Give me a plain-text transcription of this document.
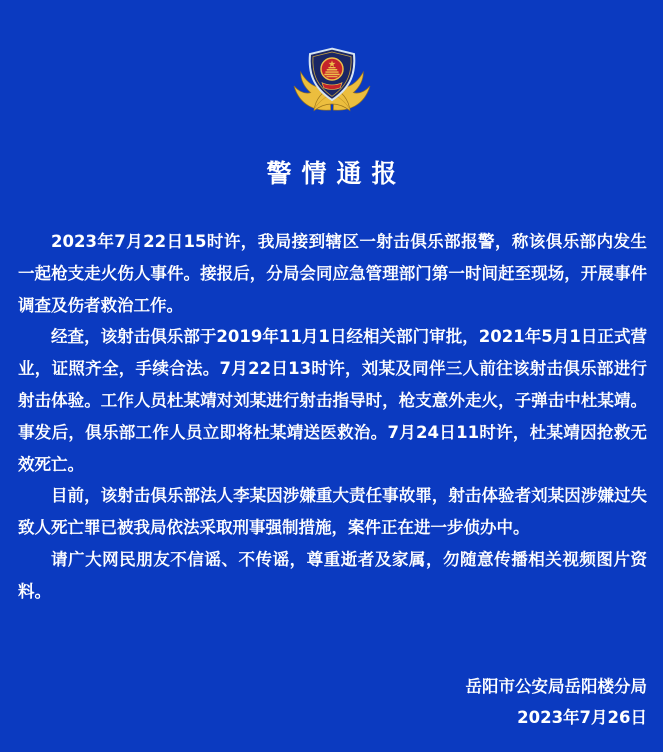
警情通报

2023年7月22日15时许，我局接到辖区一射击俱乐部报警，称该俱乐部内发生一起枪支走火伤人事件。接报后，分局会同应急管理部门第一时间赶至现场，开展事件调查及伤者救治工作。

经查，该射击俱乐部于2019年11月1日经相关部门审批，2021年5月1日正式营业，证照齐全，手续合法。7月22日13时许，刘某及同伴三人前往该射击俱乐部进行射击体验。工作人员杜某靖对刘某进行射击指导时，枪支意外走火，子弹击中杜某靖。事发后，俱乐部工作人员立即将杜某靖送医救治。7月24日11时许，杜某靖因抢救无效死亡。

目前，该射击俱乐部法人李某因涉嫌重大责任事故罪，射击体验者刘某因涉嫌过失致人死亡罪已被我局依法采取刑事强制措施，案件正在进一步侦办中。

请广大网民朋友不信谣、不传谣，尊重逝者及家属，勿随意传播相关视频图片资料。

岳阳市公安局岳阳楼分局
2023年7月26日
